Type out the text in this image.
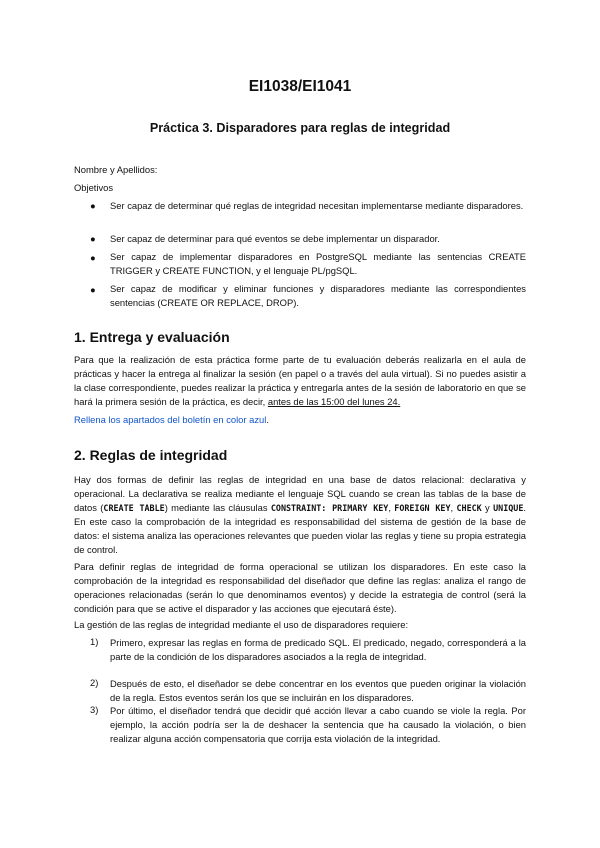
EI1038/EI1041
Práctica 3. Disparadores para reglas de integridad
Nombre y Apellidos:
Objetivos
● Ser capaz de determinar qué reglas de integridad necesitan implementarse mediante disparadores.
● Ser capaz de determinar para qué eventos se debe implementar un disparador.
● Ser capaz de implementar disparadores en PostgreSQL mediante las sentencias CREATE TRIGGER y CREATE FUNCTION, y el lenguaje PL/pgSQL.
● Ser capaz de modificar y eliminar funciones y disparadores mediante las correspondientes sentencias (CREATE OR REPLACE, DROP).
1. Entrega y evaluación
Para que la realización de esta práctica forme parte de tu evaluación deberás realizarla en el aula de prácticas y hacer la entrega al finalizar la sesión (en papel o a través del aula virtual). Si no puedes asistir a la clase correspondiente, puedes realizar la práctica y entregarla antes de la sesión de laboratorio en que se hará la primera sesión de la práctica, es decir, antes de las 15:00 del lunes 24.
Rellena los apartados del boletín en color azul.
2. Reglas de integridad
Hay dos formas de definir las reglas de integridad en una base de datos relacional: declarativa y operacional. La declarativa se realiza mediante el lenguaje SQL cuando se crean las tablas de la base de datos (CREATE TABLE) mediante las cláusulas CONSTRAINT: PRIMARY KEY, FOREIGN KEY, CHECK y UNIQUE. En este caso la comprobación de la integridad es responsabilidad del sistema de gestión de la base de datos: el sistema analiza las operaciones relevantes que pueden violar las reglas y tiene su propia estrategia de control.
Para definir reglas de integridad de forma operacional se utilizan los disparadores. En este caso la comprobación de la integridad es responsabilidad del diseñador que define las reglas: analiza el rango de operaciones relacionadas (serán lo que denominamos eventos) y decide la estrategia de control (será la condición para que se active el disparador y las acciones que ejecutará éste).
La gestión de las reglas de integridad mediante el uso de disparadores requiere:
1) Primero, expresar las reglas en forma de predicado SQL. El predicado, negado, corresponderá a la parte de la condición de los disparadores asociados a la regla de integridad.
2) Después de esto, el diseñador se debe concentrar en los eventos que pueden originar la violación de la regla. Estos eventos serán los que se incluirán en los disparadores.
3) Por último, el diseñador tendrá que decidir qué acción llevar a cabo cuando se viole la regla. Por ejemplo, la acción podría ser la de deshacer la sentencia que ha causado la violación, o bien realizar alguna acción compensatoria que corrija esta violación de la integridad.
